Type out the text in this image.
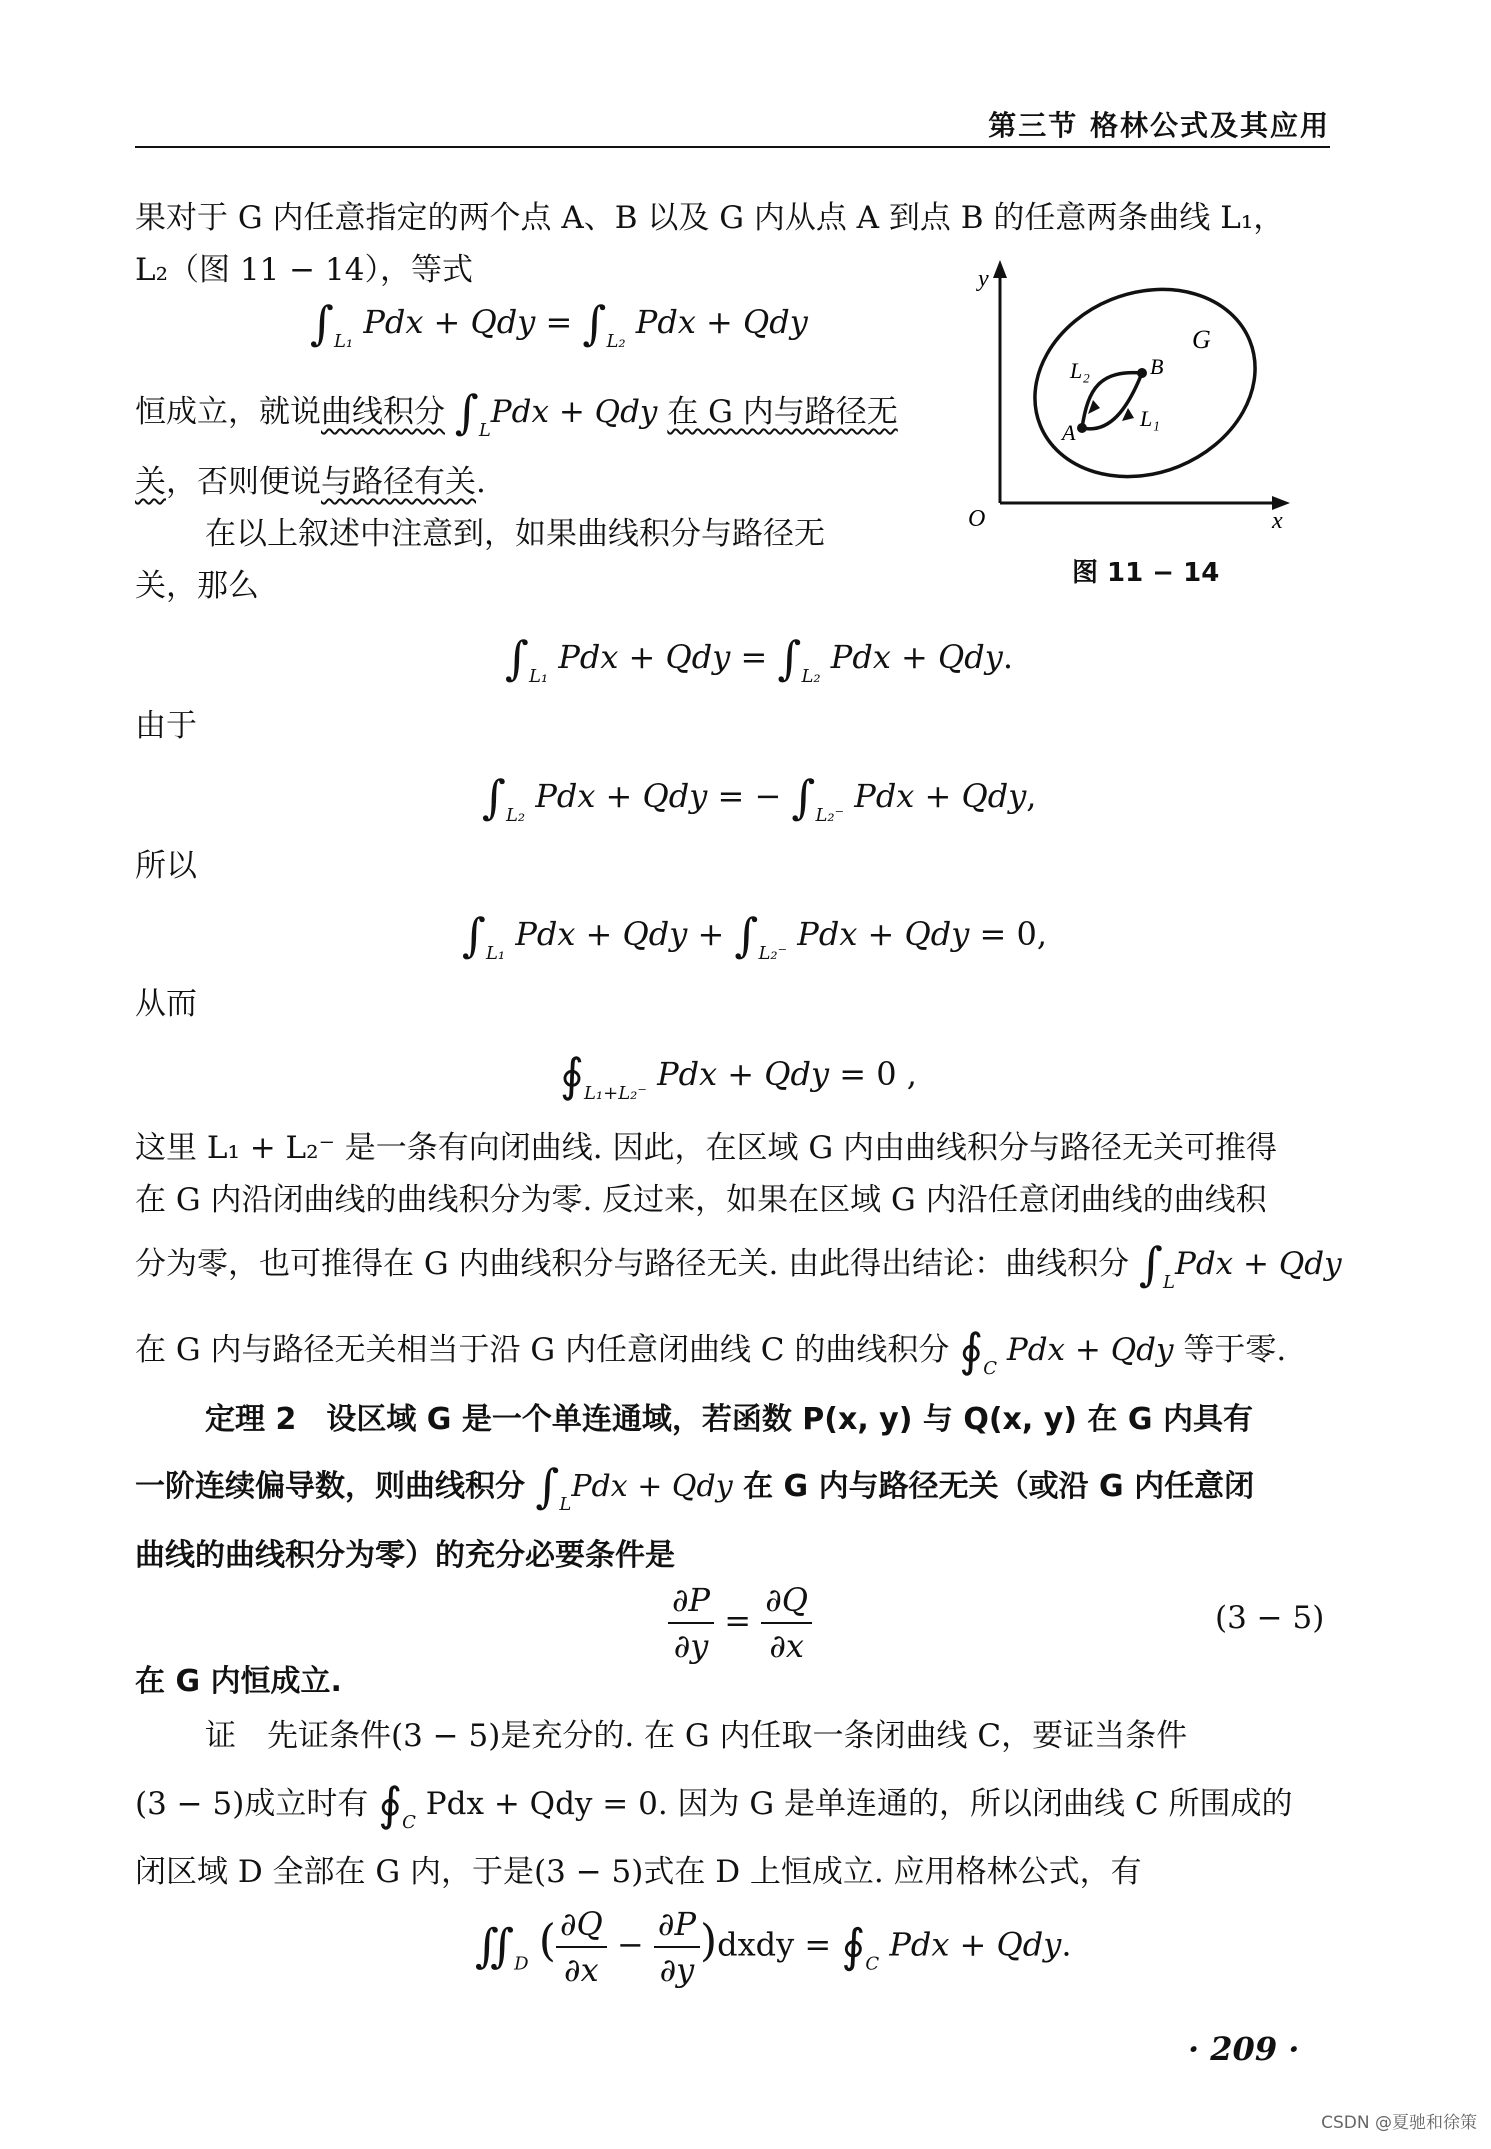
第三节 格林公式及其应用
果对于 G 内任意指定的两个点 A、B 以及 G 内从点 A 到点 B 的任意两条曲线 L₁，
L₂（图 11 − 14），等式
$\int_{L_1}$ Pdx + Qdy = $\int_{L_2}$ Pdx + Qdy
恒成立，就说曲线积分 $\int_LPdx$ + Qdy 在 G 内与路径无
关，否则便说与路径有关.
在以上叙述中注意到，如果曲线积分与路径无
关，那么
y
O	x
G
A
B
L₂
L₁
图 11 − 14
$\int_{L_1}$ Pdx + Qdy = $\int_{L_2}$ Pdx + Qdy.
由于
$\int_{L_2}$ Pdx + Qdy = − $\int_{L_2^-}$ Pdx + Qdy,
所以
$\int_{L_1}$ Pdx + Qdy + $\int_{L_2^-}$ Pdx + Qdy = 0,
从而
$∮_{L_1+L_2^-}$ Pdx + Qdy = 0 ,
这里 L₁ + L₂⁻ 是一条有向闭曲线. 因此，在区域 G 内由曲线积分与路径无关可推得
在 G 内沿闭曲线的曲线积分为零. 反过来，如果在区域 G 内沿任意闭曲线的曲线积
分为零，也可推得在 G 内曲线积分与路径无关. 由此得出结论：曲线积分 $\int_LPdx$ + Qdy
在 G 内与路径无关相当于沿 G 内任意闭曲线 C 的曲线积分 $∮_C$ Pdx + Qdy 等于零.
定理 2　设区域 G 是一个单连通域，若函数 P(x, y) 与 Q(x, y) 在 G 内具有
一阶连续偏导数，则曲线积分 $\int_LPdx$ + Qdy 在 G 内与路径无关（或沿 G 内任意闭
曲线的曲线积分为零）的充分必要条件是
$\frac{\partial P}{\partial y} = \frac{\partial Q}{\partial x}$	(3 − 5)
在 G 内恒成立.
证　先证条件(3 − 5)是充分的. 在 G 内任取一条闭曲线 C，要证当条件
(3 − 5)成立时有 $∮_C$ Pdx + Qdy = 0. 因为 G 是单连通的，所以闭曲线 C 所围成的
闭区域 D 全部在 G 内，于是(3 − 5)式在 D 上恒成立. 应用格林公式，有
$∬_D$ ( $\frac{\partial Q}{\partial x} - \frac{\partial P}{\partial y}$ )dxdy = $∮_C$ Pdx + Qdy.
· 209 ·
CSDN @夏驰和徐策
